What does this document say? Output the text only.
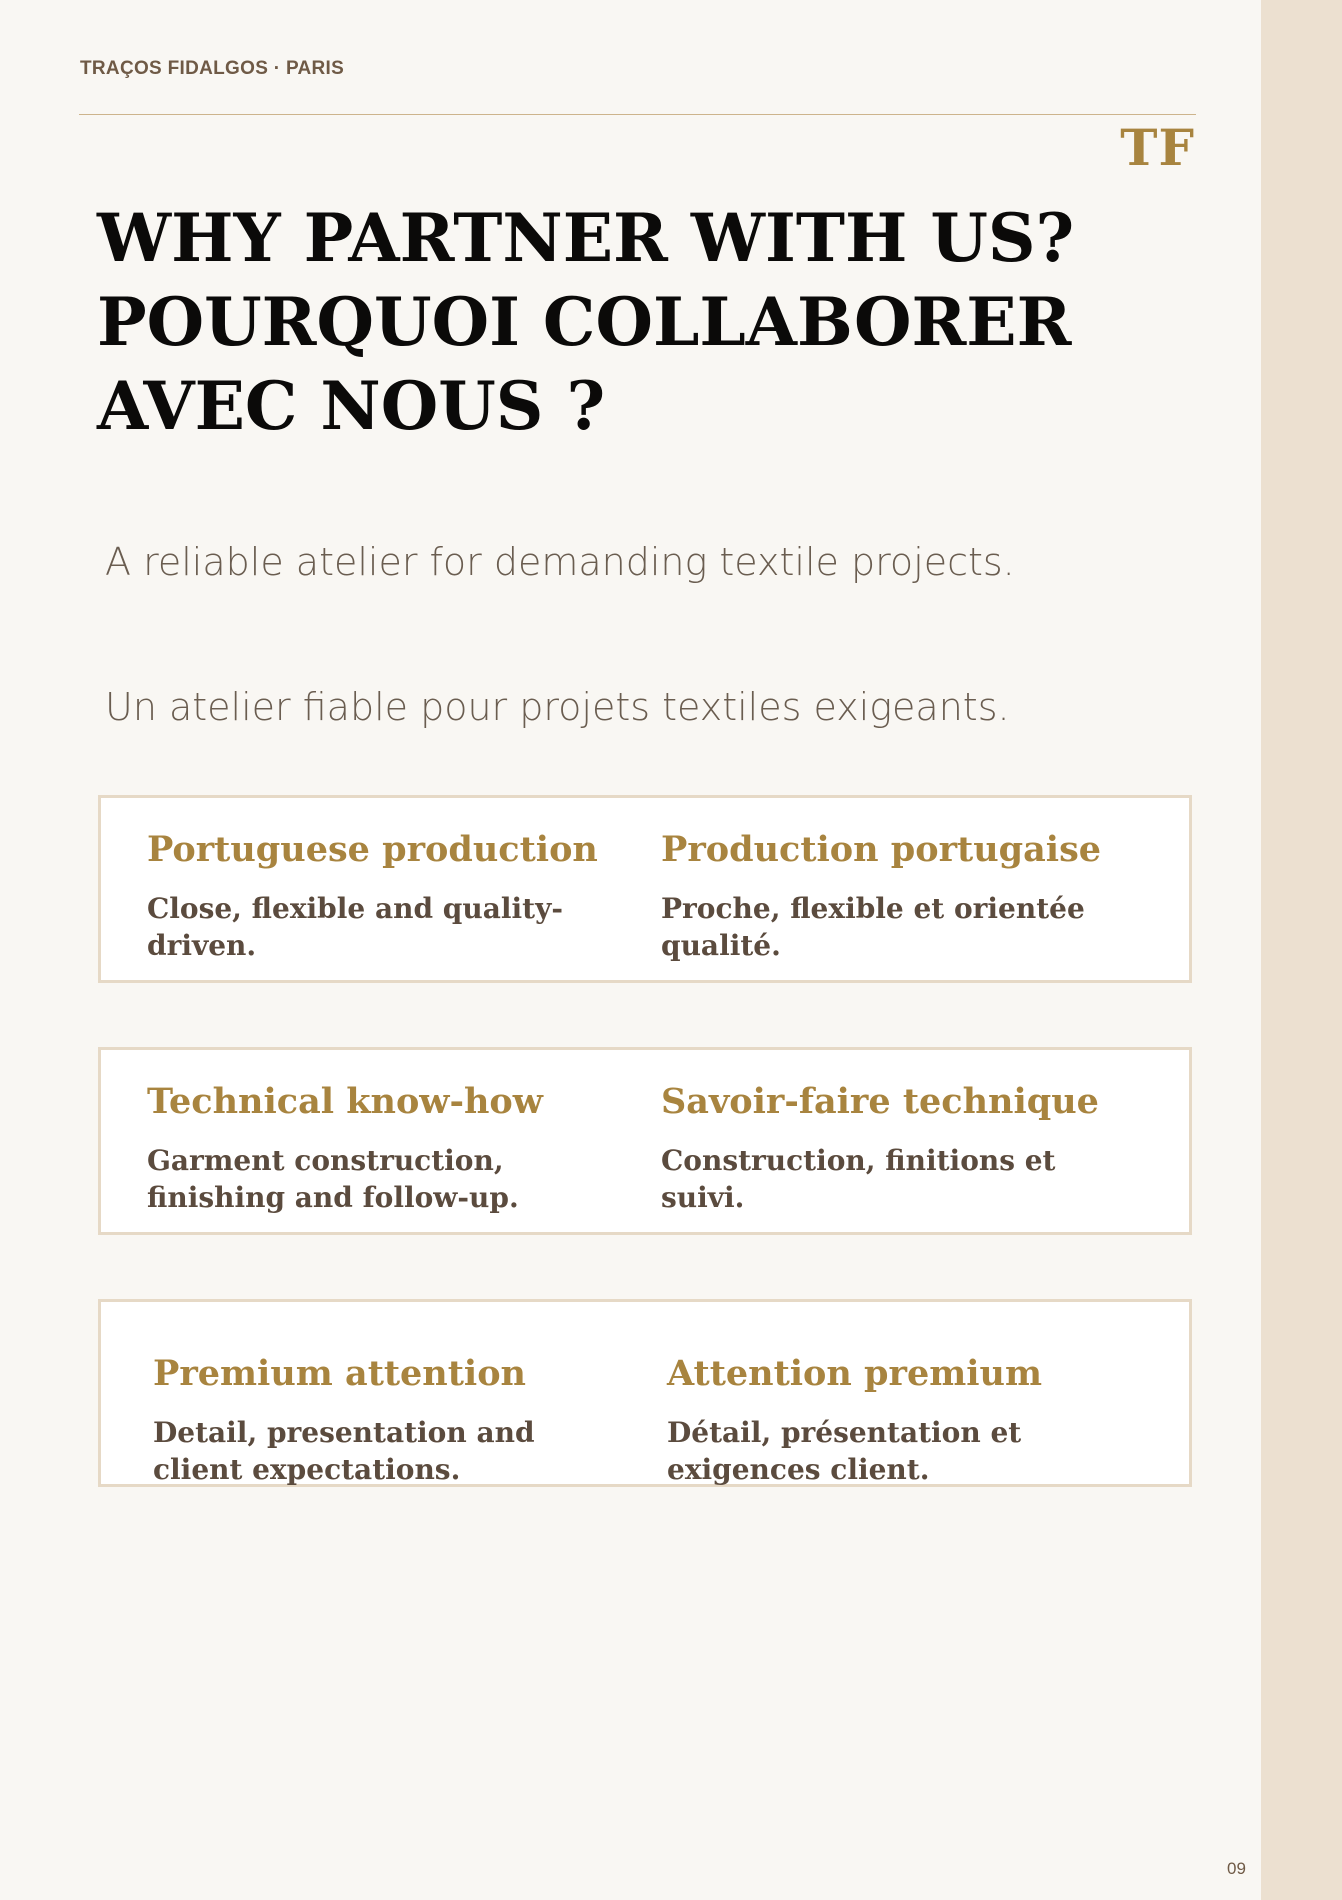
TRAÇOS FIDALGOS · PARIS
TF
WHY PARTNER WITH US?
POURQUOI COLLABORER
AVEC NOUS ?
A reliable atelier for demanding textile projects.
Un atelier fiable pour projets textiles exigeants.
Portuguese production
Close, flexible and quality-driven.
Production portugaise
Proche, flexible et orientée qualité.
Technical know-how
Garment construction, finishing and follow-up.
Savoir-faire technique
Construction, finitions et suivi.
Premium attention
Detail, presentation and client expectations.
Attention premium
Détail, présentation et exigences client.
09
